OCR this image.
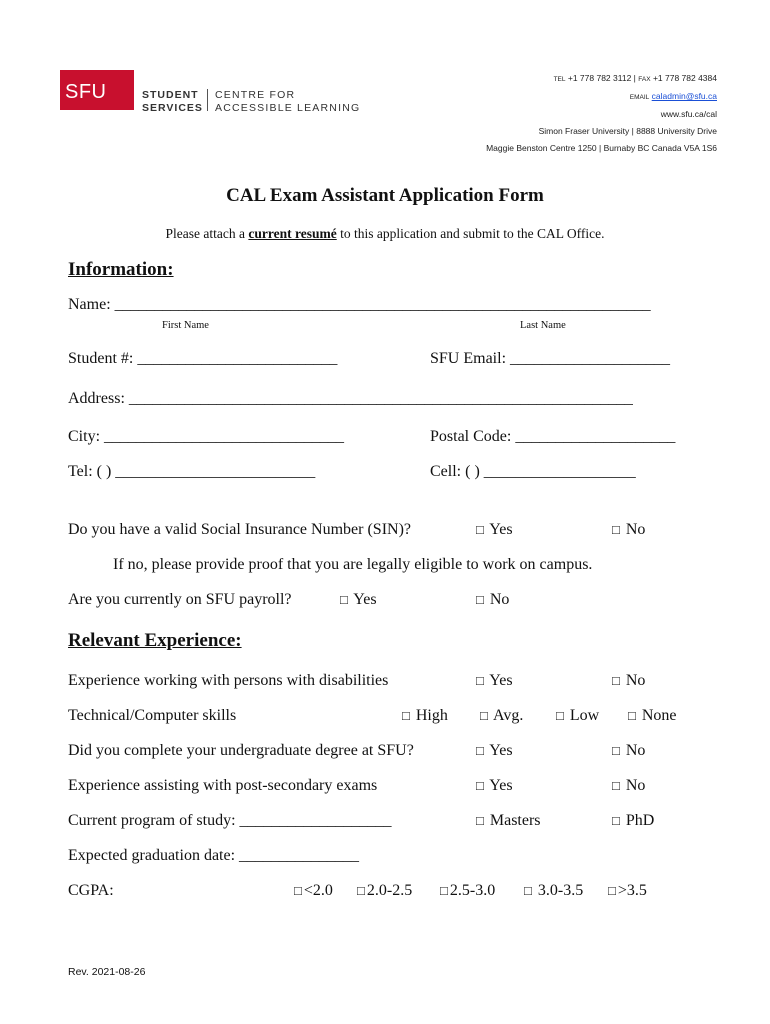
SFU	STUDENT
SERVICES
CENTRE FOR
ACCESSIBLE LEARNING
TEL +1 778 782 3112 | FAX +1 778 782 4384
EMAIL caladmin@sfu.ca
www.sfu.ca/cal
Simon Fraser University | 8888 University Drive
Maggie Benston Centre 1250 | Burnaby BC Canada V5A 1S6
CAL Exam Assistant Application Form
Please attach a current resumé to this application and submit to the CAL Office.
Information:
Name: ___________________________________________________________________
First Name	Last Name
Student #: _________________________	SFU Email: ____________________
Address: _______________________________________________________________
City: ______________________________	Postal Code: ____________________
Tel: ( ) _________________________	Cell: ( ) ___________________
Do you have a valid Social Insurance Number (SIN)?	□ Yes	□ No
If no, please provide proof that you are legally eligible to work on campus.
Are you currently on SFU payroll?	□ Yes	□ No
Relevant Experience:
Experience working with persons with disabilities	□ Yes	□ No
Technical/Computer skills	□ High □ Avg.	□ Low □ None
Did you complete your undergraduate degree at SFU?	□ Yes	□ No
Experience assisting with post-secondary exams	□ Yes	□ No
Current program of study: ___________________	□ Masters	□ PhD
Expected graduation date: _______________
CGPA:	□ <2.0 □ 2.0-2.5 □ 2.5-3.0 □ 3.0-3.5 □ >3.5
Rev. 2021-08-26
